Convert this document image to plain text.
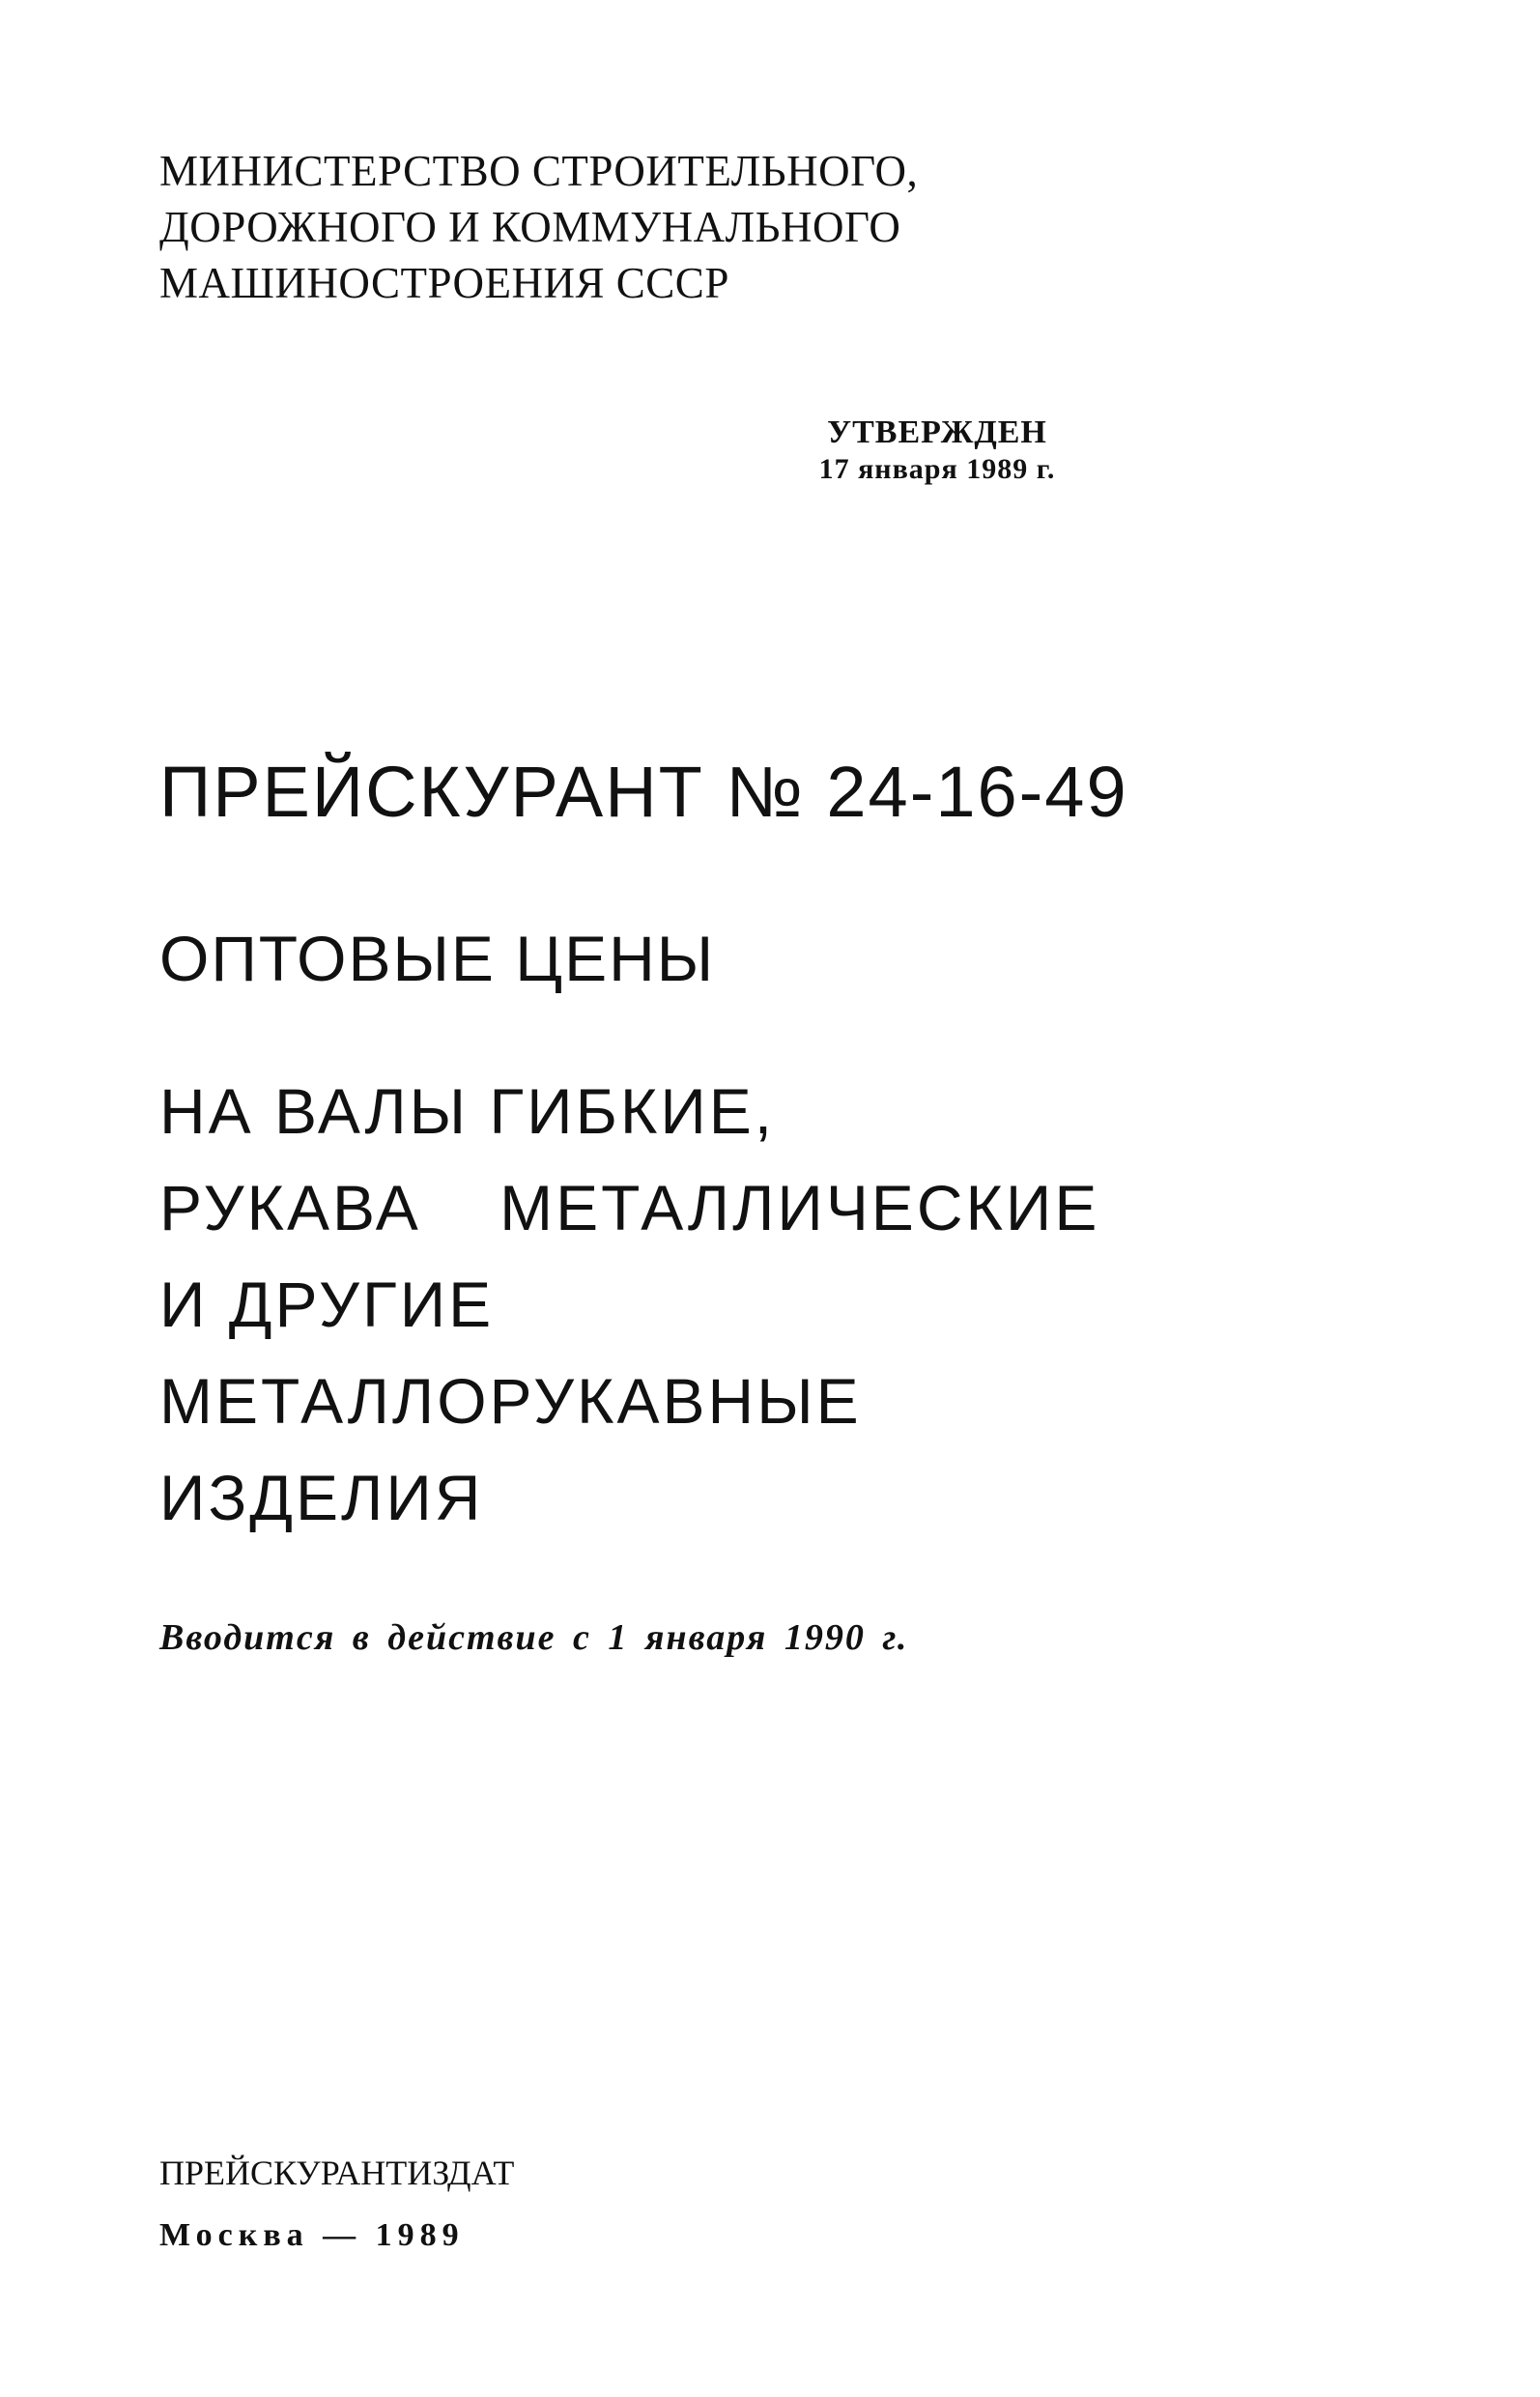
МИНИСТЕРСТВО СТРОИТЕЛЬНОГО,
ДОРОЖНОГО И КОММУНАЛЬНОГО
МАШИНОСТРОЕНИЯ СССР
УТВЕРЖДЕН
17 января 1989 г.
ПРЕЙСКУРАНТ № 24-16-49
ОПТОВЫЕ ЦЕНЫ
НА ВАЛЫ ГИБКИЕ,
РУКАВА МЕТАЛЛИЧЕСКИЕ
И ДРУГИЕ
МЕТАЛЛОРУКАВНЫЕ
ИЗДЕЛИЯ
Вводится в действие с 1 января 1990 г.
ПРЕЙСКУРАНТИЗДАТ
Москва — 1989
